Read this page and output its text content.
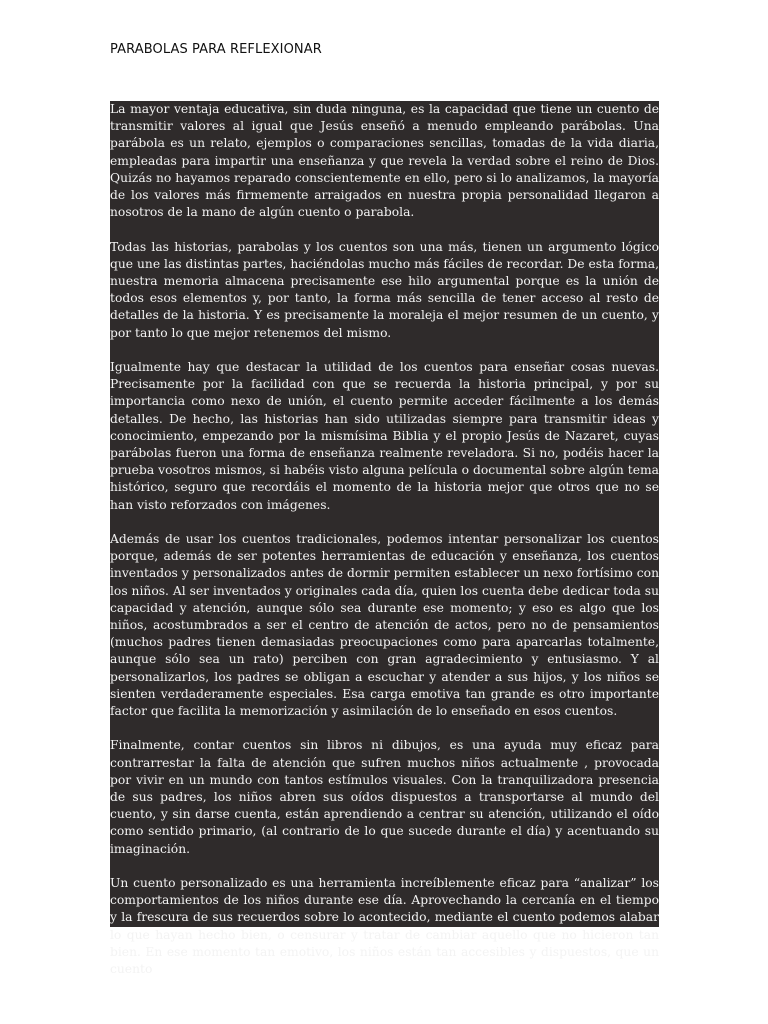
PARABOLAS PARA REFLEXIONAR

La mayor ventaja educativa, sin duda ninguna, es la capacidad que tiene un cuento de transmitir valores al igual que Jesús enseñó a menudo empleando parábolas. Una parábola es un relato, ejemplos o comparaciones sencillas, tomadas de la vida diaria, empleadas para impartir una enseñanza y que revela la verdad sobre el reino de Dios. Quizás no hayamos reparado conscientemente en ello, pero si lo analizamos, la mayoría de los valores más firmemente arraigados en nuestra propia personalidad llegaron a nosotros de la mano de algún cuento o parabola.

Todas las historias, parabolas y los cuentos son una más, tienen un argumento lógico que une las distintas partes, haciéndolas mucho más fáciles de recordar. De esta forma, nuestra memoria almacena precisamente ese hilo argumental porque es la unión de todos esos elementos y, por tanto, la forma más sencilla de tener acceso al resto de detalles de la historia. Y es precisamente la moraleja el mejor resumen de un cuento, y por tanto lo que mejor retenemos del mismo.

Igualmente hay que destacar la utilidad de los cuentos para enseñar cosas nuevas. Precisamente por la facilidad con que se recuerda la historia principal, y por su importancia como nexo de unión, el cuento permite acceder fácilmente a los demás detalles. De hecho, las historias han sido utilizadas siempre para transmitir ideas y conocimiento, empezando por la mismísima Biblia y el propio Jesús de Nazaret, cuyas parábolas fueron una forma de enseñanza realmente reveladora. Si no, podéis hacer la prueba vosotros mismos, si habéis visto alguna película o documental sobre algún tema histórico, seguro que recordáis el momento de la historia mejor que otros que no se han visto reforzados con imágenes.

Además de usar los cuentos tradicionales, podemos intentar personalizar los cuentos porque, además de ser potentes herramientas de educación y enseñanza, los cuentos inventados y personalizados antes de dormir permiten establecer un nexo fortísimo con los niños. Al ser inventados y originales cada día, quien los cuenta debe dedicar toda su capacidad y atención, aunque sólo sea durante ese momento; y eso es algo que los niños, acostumbrados a ser el centro de atención de actos, pero no de pensamientos (muchos padres tienen demasiadas preocupaciones como para aparcarlas totalmente, aunque sólo sea un rato) perciben con gran agradecimiento y entusiasmo. Y al personalizarlos, los padres se obligan a escuchar y atender a sus hijos, y los niños se sienten verdaderamente especiales. Esa carga emotiva tan grande es otro importante factor que facilita la memorización y asimilación de lo enseñado en esos cuentos.

Finalmente, contar cuentos sin libros ni dibujos, es una ayuda muy eficaz para contrarrestar la falta de atención que sufren muchos niños actualmente , provocada por vivir en un mundo con tantos estímulos visuales. Con la tranquilizadora presencia de sus padres, los niños abren sus oídos dispuestos a transportarse al mundo del cuento, y sin darse cuenta, están aprendiendo a centrar su atención, utilizando el oído como sentido primario, (al contrario de lo que sucede durante el día) y acentuando su imaginación.

Un cuento personalizado es una herramienta increíblemente eficaz para “analizar” los comportamientos de los niños durante ese día. Aprovechando la cercanía en el tiempo y la frescura de sus recuerdos sobre lo acontecido, mediante el cuento podemos alabar lo que hayan hecho bien, o censurar y tratar de cambiar aquello que no hicieron tan bien. En ese momento tan emotivo, los niños están tan accesibles y dispuestos, que un cuento
